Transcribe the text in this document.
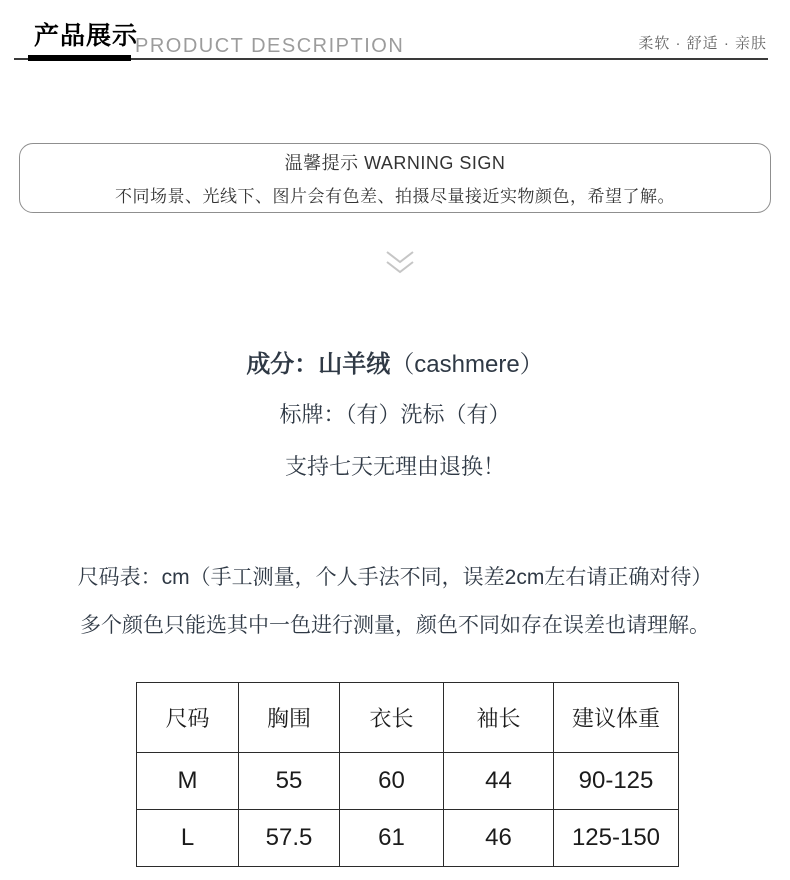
产品展示
PRODUCT DESCRIPTION	柔软 · 舒适 · 亲肤
温馨提示 WARNING SIGN
不同场景、光线下、图片会有色差、拍摄尽量接近实物颜色，希望了解。
成分：山羊绒（cashmere）
标牌：（有）洗标（有）
支持七天无理由退换！
尺码表：cm（手工测量，个人手法不同，误差2cm左右请正确对待）
多个颜色只能选其中一色进行测量，颜色不同如存在误差也请理解。
尺码	胸围	衣长	袖长	建议体重
M	55	60	44	90-125
L	57.5	61	46	125-150
